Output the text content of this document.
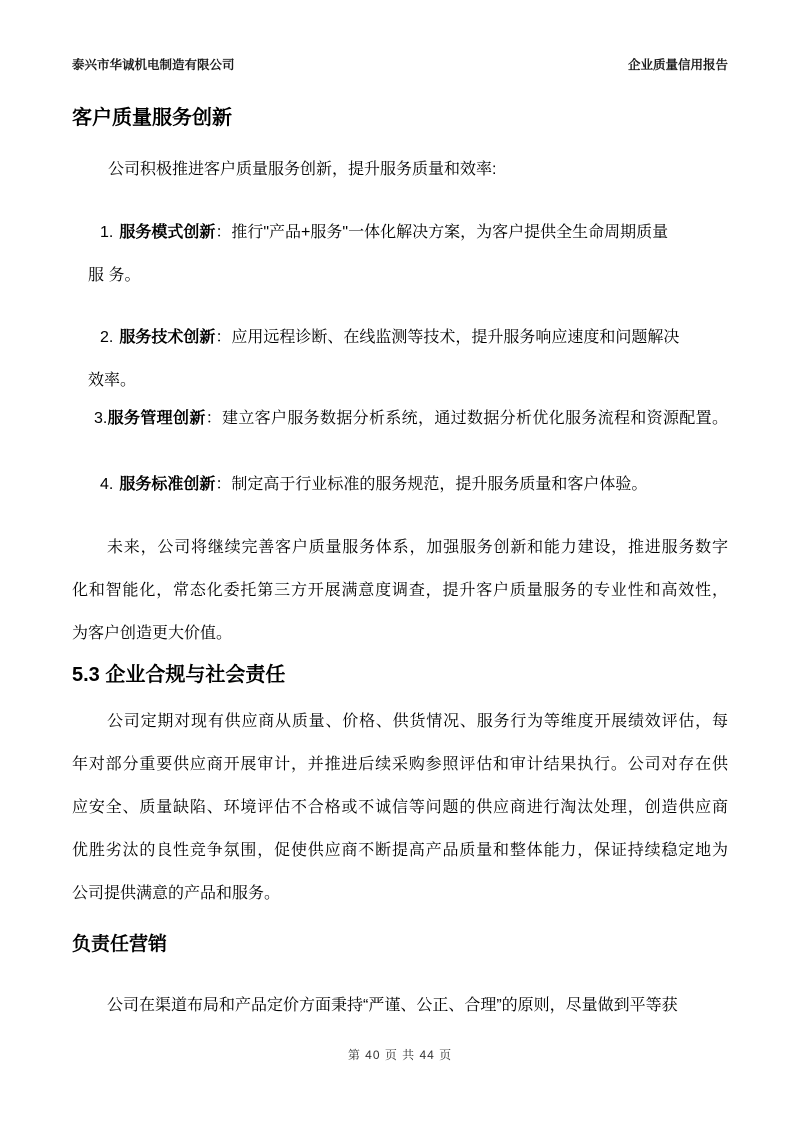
泰兴市华诚机电制造有限公司	企业质量信用报告
客户质量服务创新
公司积极推进客户质量服务创新，提升服务质量和效率:
1. 服务模式创新：推行"产品+服务"一体化解决方案，为客户提供全生命周期质量
服 务。
2. 服务技术创新：应用远程诊断、在线监测等技术，提升服务响应速度和问题解决
效率。
3.服务管理创新：建立客户服务数据分析系统，通过数据分析优化服务流程和资源配置。
4. 服务标准创新：制定高于行业标准的服务规范，提升服务质量和客户体验。
未来，公司将继续完善客户质量服务体系，加强服务创新和能力建设，推进服务数字
化和智能化，常态化委托第三方开展满意度调查，提升客户质量服务的专业性和高效性，
为客户创造更大价值。
5.3 企业合规与社会责任
公司定期对现有供应商从质量、价格、供货情况、服务行为等维度开展绩效评估，每
年对部分重要供应商开展审计，并推进后续采购参照评估和审计结果执行。公司对存在供
应安全、质量缺陷、环境评估不合格或不诚信等问题的供应商进行淘汰处理，创造供应商
优胜劣汰的良性竞争氛围，促使供应商不断提高产品质量和整体能力，保证持续稳定地为
公司提供满意的产品和服务。
负责任营销
公司在渠道布局和产品定价方面秉持“严谨、公正、合理”的原则，尽量做到平等获
第 40 页 共 44 页
